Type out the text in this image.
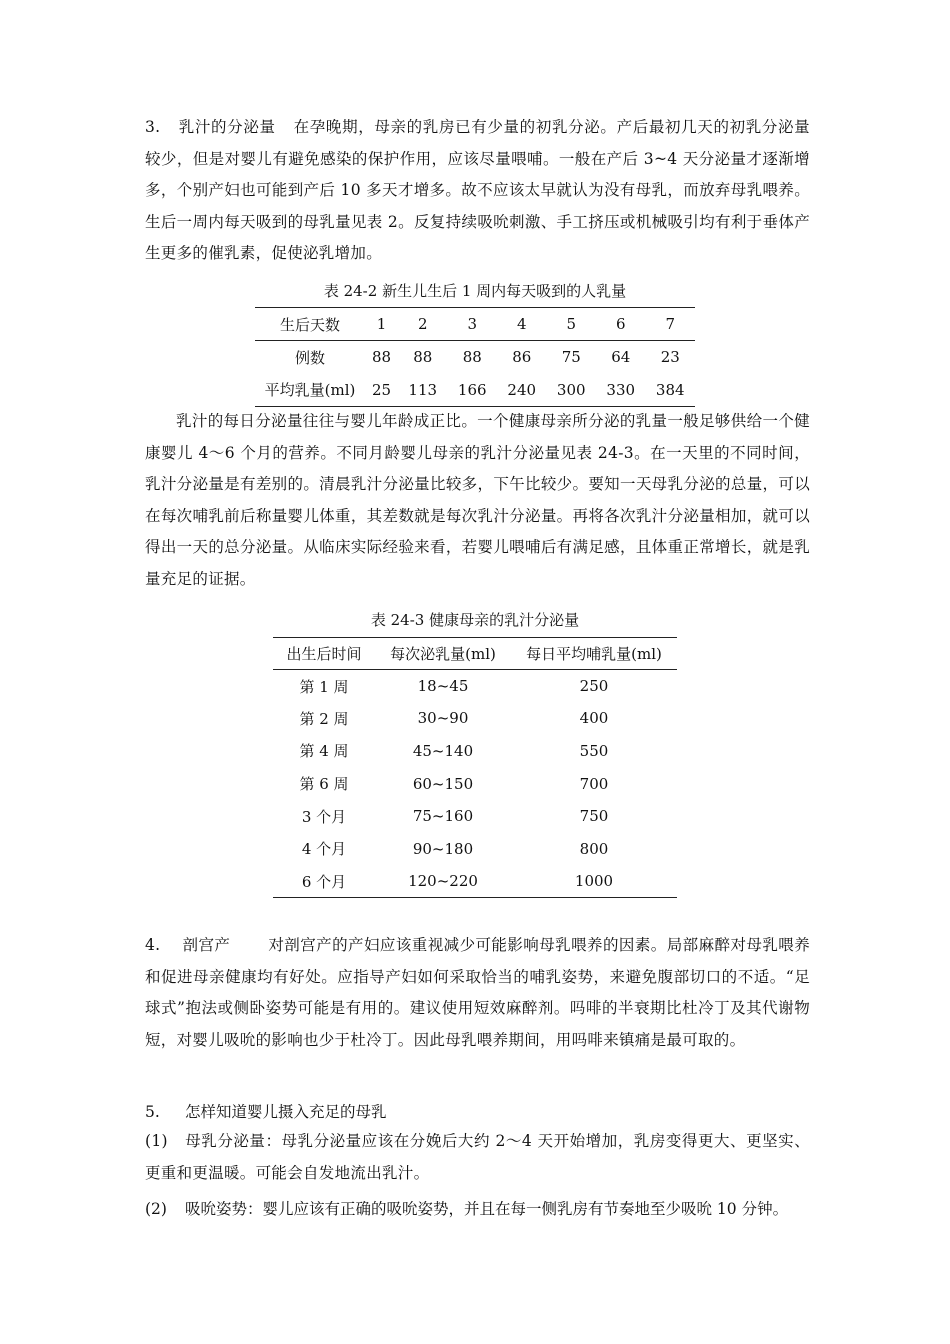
3. 乳汁的分泌量 在孕晚期，母亲的乳房已有少量的初乳分泌。产后最初几天的初乳分泌量较少，但是对婴儿有避免感染的保护作用，应该尽量喂哺。一般在产后 3~4 天分泌量才逐渐增多，个别产妇也可能到产后 10 多天才增多。故不应该太早就认为没有母乳，而放弃母乳喂养。生后一周内每天吸到的母乳量见表 2。反复持续吸吮刺激、手工挤压或机械吸引均有利于垂体产生更多的催乳素，促使泌乳增加。

表 24-2 新生儿生后 1 周内每天吸到的人乳量

生后天数	1	2	3	4	5	6	7
例数	88	88	88	86	75	64	23
平均乳量(ml)	25	113	166	240	300	330	384

乳汁的每日分泌量往往与婴儿年龄成正比。一个健康母亲所分泌的乳量一般足够供给一个健康婴儿 4～6 个月的营养。不同月龄婴儿母亲的乳汁分泌量见表 24-3。在一天里的不同时间，乳汁分泌量是有差别的。清晨乳汁分泌量比较多，下午比较少。要知一天母乳分泌的总量，可以在每次哺乳前后称量婴儿体重，其差数就是每次乳汁分泌量。再将各次乳汁分泌量相加，就可以得出一天的总分泌量。从临床实际经验来看，若婴儿喂哺后有满足感，且体重正常增长，就是乳量充足的证据。

表 24-3 健康母亲的乳汁分泌量

出生后时间	每次泌乳量(ml)	每日平均哺乳量(ml)
第 1 周	18~45	250
第 2 周	30~90	400
第 4 周	45~140	550
第 6 周	60~150	700
3 个月	75~160	750
4 个月	90~180	800
6 个月	120~220	1000

4. 剖宫产 对剖宫产的产妇应该重视减少可能影响母乳喂养的因素。局部麻醉对母乳喂养和促进母亲健康均有好处。应指导产妇如何采取恰当的哺乳姿势，来避免腹部切口的不适。“足球式”抱法或侧卧姿势可能是有用的。建议使用短效麻醉剂。吗啡的半衰期比杜冷丁及其代谢物短，对婴儿吸吮的影响也少于杜冷丁。因此母乳喂养期间，用吗啡来镇痛是最可取的。

5. 怎样知道婴儿摄入充足的母乳

(1) 母乳分泌量：母乳分泌量应该在分娩后大约 2～4 天开始增加，乳房变得更大、更坚实、更重和更温暖。可能会自发地流出乳汁。

(2) 吸吮姿势：婴儿应该有正确的吸吮姿势，并且在每一侧乳房有节奏地至少吸吮 10 分钟。
